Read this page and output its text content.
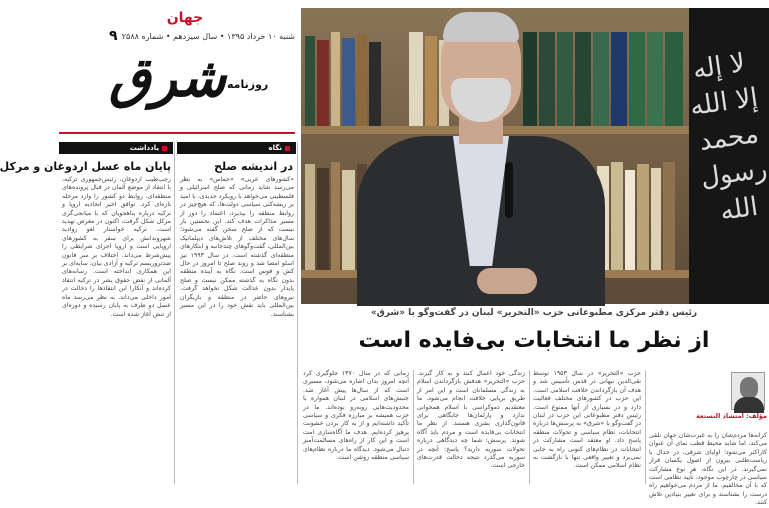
جهان
شنبه ۱۰ خرداد ۱۳۹۵ • سال سیزدهم • شماره ۲۵۸۸
۹
شرق روزنامه
نگاه
در اندیشه صلح
«کشورهای عربی» «حماس» به نظر می‌رسد شاید زمانی که صلح اسرائیلی و فلسطینی می‌خواهد با رویکرد جدیدی، با امید بر ریشه‌کنی سیاسی دولت‌ها، که هیچ‌چیز در روابط منطقه را بپذیرد، اعتماد را دور از مسیر مذاکرات هدف کند. این نخستین بار نیست که از صلح سخن گفته می‌شود؛ سال‌های مختلف از تلاش‌های دیپلماتیک بین‌المللی، گفت‌وگوهای چندجانبه و ابتکارهای منطقه‌ای گذشته است. در سال ۱۹۹۳ نیز اسلو امضا شد و روند صلح تا امروز در حال کش و قوس است. نگاه به آینده منطقه بدون نگاه به گذشته ممکن نیست و صلح پایدار بدون عدالت شکل نخواهد گرفت. نیروهای حاضر در منطقه و بازیگران بین‌المللی باید نقش خود را در این مسیر بشناسند.
یادداشت
پایان ماه عسل اردوغان و مرکل
رجب‌طیب اردوغان، رئیس‌جمهوری ترکیه، با انتقاد از موضع آلمان در قبال پرونده‌های منطقه‌ای، روابط دو کشور را وارد مرحله تازه‌ای کرد. توافق اخیر اتحادیه اروپا و ترکیه درباره پناهجویان که با میانجی‌گری مرکل شکل گرفت، اکنون در معرض تهدید است. ترکیه خواستار لغو روادید شهروندانش برای سفر به کشورهای اروپایی است و اروپا اجرای شرایطی را پیش‌شرط می‌داند. اختلاف بر سر قانون ضدتروریسم ترکیه و آزادی بیان، سایه‌ای بر این همکاری انداخته است. رسانه‌های آلمانی از نقض حقوق بشر در ترکیه انتقاد کرده‌اند و آنکارا این انتقادها را دخالت در امور داخلی می‌داند. به نظر می‌رسد ماه عسل دو طرف به پایان رسیده و دوره‌ای از تنش آغاز شده است.
لا إله إلا الله محمد رسول الله
رئیس دفتر مرکزی مطبوعاتی حزب «التحریر» لبنان در گفت‌وگو با «شرق»
از نظر ما انتخابات بی‌فایده است
کرانه‌ها مردم‌شان را به غیرت‌شان جهان تلقی می‌کند، اما شاید محیط قطب نمای آن عنوان کاراکتر می‌شود؛ اولیای شرقی، در جدال با ریاست‌طلبی بیرون از اصول یکسان قرار نمی‌گیرند. در این نگاه، هر نوع مشارکت سیاسی در چارچوب موجود، تأیید نظامی است که با آن مخالفیم. ما از مردم می‌خواهیم راه درست را بشناسند و برای تغییر بنیادین تلاش کنند.
حزب «التحریر» در سال ۱۹۵۳ توسط تقی‌الدین نبهانی در قدس تأسیس شد و هدف آن بازگرداندن خلافت اسلامی است. این حزب در کشورهای مختلف فعالیت دارد و در بسیاری از آنها ممنوع است. رئیس دفتر مطبوعاتی این حزب در لبنان در گفت‌وگو با «شرق» به پرسش‌ها درباره انتخابات، نظام سیاسی و تحولات منطقه پاسخ داد. او معتقد است مشارکت در انتخابات در نظام‌های کنونی راه به جایی نمی‌برد و تغییر واقعی تنها با بازگشت به نظام اسلامی ممکن است.
زندگی خود اعمال کنند و به کار گیرند. حزب «التحریر» هدفش بازگرداندن اسلام به زندگی مسلمانان است و این امر از طریق برپایی خلافت انجام می‌شود. ما معتقدیم دموکراسی با اسلام همخوانی ندارد و پارلمان‌ها جایگاهی برای قانون‌گذاری بشری هستند. از نظر ما انتخابات بی‌فایده است و مردم باید آگاه شوند. پرسش: شما چه دیدگاهی درباره تحولات سوریه دارید؟ پاسخ: آنچه در سوریه می‌گذرد نتیجه دخالت قدرت‌های خارجی است.
زمانی که در سال ۱۳۷۰ جلوگیری کرد آنچه امروز بدان اشاره می‌شود، مسیری است که از سال‌ها پیش آغاز شد. جنبش‌های اسلامی در لبنان همواره با محدودیت‌هایی روبه‌رو بوده‌اند. ما در حزب همیشه بر مبارزه فکری و سیاسی تأکید داشته‌ایم و از به کار بردن خشونت پرهیز کرده‌ایم. هدف ما آگاه‌سازی امت است و این کار از راه‌های مسالمت‌آمیز دنبال می‌شود. دیدگاه ما درباره نظام‌های سیاسی منطقه روشن است.
مؤلف: امتشاد النستعة
